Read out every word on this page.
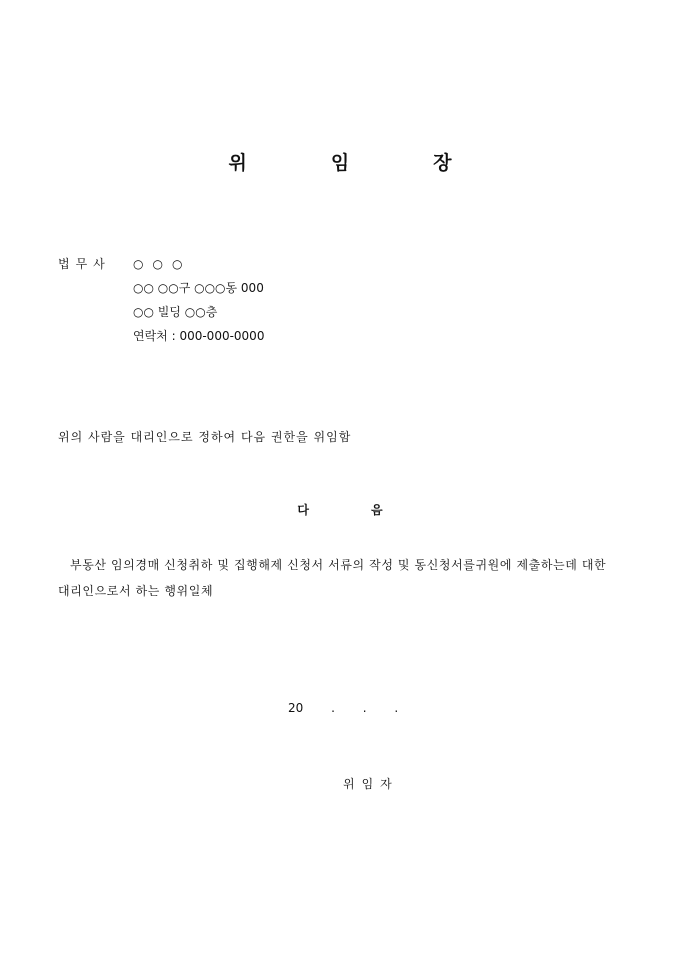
위임장
법무사	○○○
○○ ○○구 ○○○동 000
○○ 빌딩 ○○층
연락처 : 000-000-0000
위의 사람을 대리인으로 정하여 다음 권한을 위임함
다음
부동산 임의경매 신청취하 및 집행해제 신청서 서류의 작성 및 동신청서를귀원에 제출하는데 대한 대리인으로서 하는 행위일체
20 . . .
위임자
